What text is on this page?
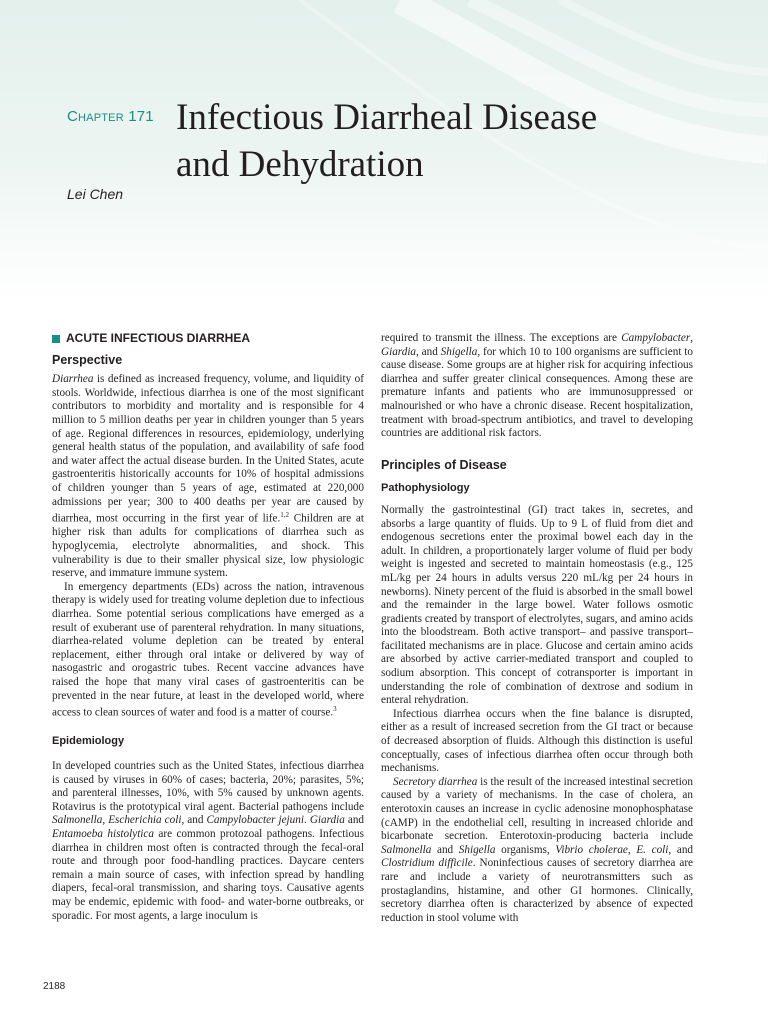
Chapter 171 Infectious Diarrheal Disease
and Dehydration
Lei Chen
ACUTE INFECTIOUS DIARRHEA
Perspective

Diarrhea is defined as increased frequency, volume, and liquidity of stools. Worldwide, infectious diarrhea is one of the most significant contributors to morbidity and mortality and is responsible for 4 million to 5 million deaths per year in children younger than 5 years of age. Regional differences in resources, epidemiology, underlying general health status of the population, and availability of safe food and water affect the actual disease burden. In the United States, acute gastroenteritis historically accounts for 10% of hospital admissions of children younger than 5 years of age, estimated at 220,000 admissions per year; 300 to 400 deaths per year are caused by diarrhea, most occurring in the first year of life.$^{1,2}$ Children are at higher risk than adults for complications of diarrhea such as hypoglycemia, electrolyte abnormalities, and shock. This vulnerability is due to their smaller physical size, low physiologic reserve, and immature immune system.

In emergency departments (EDs) across the nation, intravenous therapy is widely used for treating volume depletion due to infectious diarrhea. Some potential serious complications have emerged as a result of exuberant use of parenteral rehydration. In many situations, diarrhea-related volume depletion can be treated by enteral replacement, either through oral intake or delivered by way of nasogastric and orogastric tubes. Recent vaccine advances have raised the hope that many viral cases of gastroenteritis can be prevented in the near future, at least in the developed world, where access to clean sources of water and food is a matter of course.$^3$

Epidemiology

In developed countries such as the United States, infectious diarrhea is caused by viruses in 60% of cases; bacteria, 20%; parasites, 5%; and parenteral illnesses, 10%, with 5% caused by unknown agents. Rotavirus is the prototypical viral agent. Bacterial pathogens include Salmonella, Escherichia coli, and Campylobacter jejuni. Giardia and Entamoeba histolytica are common protozoal pathogens. Infectious diarrhea in children most often is contracted through the fecal-oral route and through poor food-handling practices. Daycare centers remain a main source of cases, with infection spread by handling diapers, fecal-oral transmission, and sharing toys. Causative agents may be endemic, epidemic with food- and water-borne outbreaks, or sporadic. For most agents, a large inoculum is

required to transmit the illness. The exceptions are Campylobacter, Giardia, and Shigella, for which 10 to 100 organisms are sufficient to cause disease. Some groups are at higher risk for acquiring infectious diarrhea and suffer greater clinical consequences. Among these are premature infants and patients who are immunosuppressed or malnourished or who have a chronic disease. Recent hospitalization, treatment with broad-spectrum antibiotics, and travel to developing countries are additional risk factors.

Principles of Disease
Pathophysiology

Normally the gastrointestinal (GI) tract takes in, secretes, and absorbs a large quantity of fluids. Up to 9 L of fluid from diet and endogenous secretions enter the proximal bowel each day in the adult. In children, a proportionately larger volume of fluid per body weight is ingested and secreted to maintain homeostasis (e.g., 125 mL/kg per 24 hours in adults versus 220 mL/kg per 24 hours in newborns). Ninety percent of the fluid is absorbed in the small bowel and the remainder in the large bowel. Water follows osmotic gradients created by transport of electrolytes, sugars, and amino acids into the bloodstream. Both active transport– and passive transport–facilitated mechanisms are in place. Glucose and certain amino acids are absorbed by active carrier-mediated transport and coupled to sodium absorption. This concept of cotransporter is important in understanding the role of combination of dextrose and sodium in enteral rehydration.

Infectious diarrhea occurs when the fine balance is disrupted, either as a result of increased secretion from the GI tract or because of decreased absorption of fluids. Although this distinction is useful conceptually, cases of infectious diarrhea often occur through both mechanisms.

Secretory diarrhea is the result of the increased intestinal secretion caused by a variety of mechanisms. In the case of cholera, an enterotoxin causes an increase in cyclic adenosine monophosphatase (cAMP) in the endothelial cell, resulting in increased chloride and bicarbonate secretion. Enterotoxin-producing bacteria include Salmonella and Shigella organisms, Vibrio cholerae, E. coli, and Clostridium difficile. Noninfectious causes of secretory diarrhea are rare and include a variety of neurotransmitters such as prostaglandins, histamine, and other GI hormones. Clinically, secretory diarrhea often is characterized by absence of expected reduction in stool volume with

2188
